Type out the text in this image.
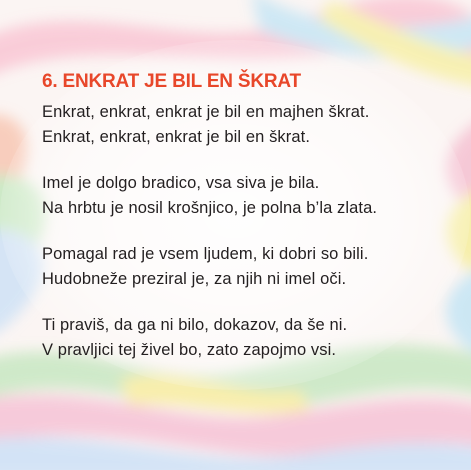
6. ENKRAT JE BIL EN ŠKRAT
Enkrat, enkrat, enkrat je bil en majhen škrat.
Enkrat, enkrat, enkrat je bil en škrat.
Imel je dolgo bradico, vsa siva je bila.
Na hrbtu je nosil krošnjico, je polna b’la zlata.
Pomagal rad je vsem ljudem, ki dobri so bili.
Hudobneže preziral je, za njih ni imel oči.
Ti praviš, da ga ni bilo, dokazov, da še ni.
V pravljici tej živel bo, zato zapojmo vsi.
